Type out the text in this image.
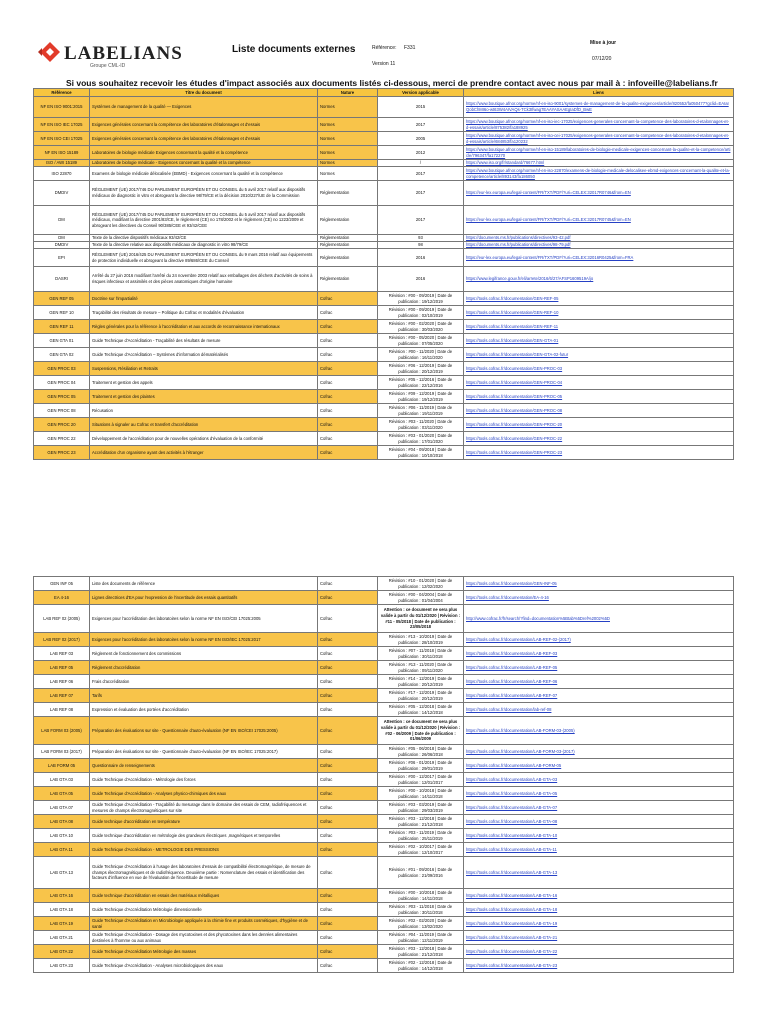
LABELIANS
Groupe CML-ID
Liste documents externes	Référence: F331
Version 11
Mise à jour
07/12/20
Si vous souhaitez recevoir les études d'impact associés aux documents listés ci-dessous, merci de prendre contact avec nous par mail à : infoveille@labelians.fr
Référence	Titre du document	Nature	Version applicable	Liens
NF EN ISO 9001:2015	Systèmes de management de la qualité — Exigences	Normes	2015	https://www.boutique.afnor.org/norme/nf-en-iso-9001/systemes-de-management-de-la-qualite-exigences/article/820552/fa050477?gclid=EAIaIQobChMI6o-wt63W4AIVAQs-TCk3Ifwag7EAAYASAAEgIaDfD_BwE
NF EN ISO IEC 17025	Exigences générales concernant la compétence des laboratoires d'étalonnages et d'essais	Normes	2017	https://www.boutique.afnor.org/norme/nf-en-iso-iec-17025/exigences-generales-concernant-la-competence-des-laboratoires-d-etalonnages-et-d-essais/article/875382/fa188925
NF EN ISO CEI 17025	Exigences générales concernant la compétence des laboratoires d'étalonnages et d'essais	Normes	2005	https://www.boutique.afnor.org/norme/nf-en-iso-cei-17025/exigences-generales-concernant-la-competence-des-laboratoires-d-etalonnages-et-d-essais/article/684853/fa120232
NF EN ISO 15189	Laboratoires de biologie médicale Exigences concernant la qualité et la compétence	Normes	2012	https://www.boutique.afnor.org/norme/nf-en-iso-15189/laboratoires-de-biologie-medicale-exigences-concernant-la-qualite-et-la-competence/article/796347/fa172270
ISO / AWI 15189	Laboratoires de biologie médicale - Exigences concernant la qualité et la compétence	Normes	/	https://www.iso.org/fr/standard/76677.html
ISO 22870	Examens de biologie médicale délocalisée (EBMD) - Exigences concernant la qualité et la compétence	Normes	2017	https://www.boutique.afnor.org/norme/nf-en-iso-22870/examens-de-biologie-medicale-delocalisee-ebmd-exigences-concernant-la-qualite-et-la-competence/article/893143/fa186050
DMDIV	RÈGLEMENT (UE) 2017/746 DU PARLEMENT EUROPÉEN ET DU CONSEIL du 5 avril 2017 relatif aux dispositifs médicaux de diagnostic in vitro et abrogeant la directive 98/79/CE et la décision 2010/227/UE de la Commission	Réglementation	2017	https://eur-lex.europa.eu/legal-content/FR/TXT/PDF/?uri=CELEX:32017R0746&from=EN
DM	RÈGLEMENT (UE) 2017/745 DU PARLEMENT EUROPÉEN ET DU CONSEIL du 5 avril 2017 relatif aux dispositifs médicaux, modifiant la directive 2001/83/CE, le règlement (CE) no 178/2002 et le règlement (CE) no 1223/2009 et abrogeant les directives du Conseil 90/385/CEE et 93/42/CEE	Réglementation	2017	https://eur-lex.europa.eu/legal-content/FR/TXT/PDF/?uri=CELEX:32017R0745&from=EN
DM	Texte de la directive dispositifs médicaux 93/42/CE	Réglementation	93	https://documents.ms.fr/publications/directives/93-42.pdf
DMDIV	Texte de la directive relative aux dispositifs médicaux de diagnostic in vitro 98/79/CE	Réglementation	98	https://documents.ms.fr/publications/directives/98-79.pdf
EPI	RÈGLEMENT (UE) 2016/425 DU PARLEMENT EUROPÉEN ET DU CONSEIL du 9 mars 2016 relatif aux équipements de protection individuelle et abrogeant la directive 89/686/CEE du Conseil	Réglementation	2016	https://eur-lex.europa.eu/legal-content/FR/TXT/PDF/?uri=CELEX:32016R0425&from=FRA
DASRI	Arrêté du 27 juin 2016 modifiant l'arrêté du 24 novembre 2003 relatif aux emballages des déchets d'activités de soins à risques infectieux et assimilés et des pièces anatomiques d'origine humaine	Réglementation	2016	https://www.legifrance.gouv.fr/eli/arrete/2016/6/27/AFSP1609519A/jo
GEN REF 05	Doctrine sur l'impartialité	Cofrac	Révision : #00 - 09/2019 | Date de publication : 19/12/2019	https://tools.cofrac.fr/documentation/GEN-REF-05
GEN REF 10	Traçabilité des résultats de mesure – Politique du Cofrac et modalités d'évaluation	Cofrac	Révision : #00 - 09/2019 | Date de publication : 02/10/2019	https://tools.cofrac.fr/documentation/GEN-REF-10
GEN REF 11	Règles générales pour la référence à l'accréditation et aux accords de reconnaissance internationaux	Cofrac	Révision : #00 - 02/2020 | Date de publication : 30/03/2020	https://tools.cofrac.fr/documentation/GEN-REF-11
GEN GTA 01	Guide Technique d'Accréditation - Traçabilité des résultats de mesure	Cofrac	Révision : #00 - 05/2020 | Date de publication : 07/05/2020	https://tools.cofrac.fr/documentation/GEN-GTA-01
GEN GTA 02	Guide Technique d'Accréditation – Systèmes d'information dématérialisés	Cofrac	Révision : #00 - 11/2020 | Date de publication : 16/11/2020	https://tools.cofrac.fr/documentation/GEN-GTA-02-futur
GEN PROC 03	Suspensions, Résiliation et Retraits	Cofrac	Révision : #06 - 12/2019 | Date de publication : 20/12/2019	https://tools.cofrac.fr/documentation/GEN-PROC-03
GEN PROC 04	Traitement et gestion des appels	Cofrac	Révision : #05 - 12/2016 | Date de publication : 22/12/2016	https://tools.cofrac.fr/documentation/GEN-PROC-04
GEN PROC 05	Traitement et gestion des plaintes	Cofrac	Révision : #09 - 12/2019 | Date de publication : 19/12/2019	https://tools.cofrac.fr/documentation/GEN-PROC-05
GEN PROC 08	Récusation	Cofrac	Révision : #06 - 11/2019 | Date de publication : 19/11/2019	https://tools.cofrac.fr/documentation/GEN-PROC-08
GEN PROC 20	Situations à signaler au Cofrac et transfert d'accréditation	Cofrac	Révision : #03 - 11/2020 | Date de publication : 03/11/2020	https://tools.cofrac.fr/documentation/GEN-PROC-20
GEN PROC 22	Développement de l'accréditation pour de nouvelles opérations d'évaluation de la conformité	Cofrac	Révision : #03 - 01/2020 | Date de publication : 17/01/2020	https://tools.cofrac.fr/documentation/GEN-PROC-22
GEN PROC 23	Accréditation d'un organisme ayant des activités à l'étranger	Cofrac	Révision : #04 - 09/2018 | Date de publication : 10/10/2018	https://tools.cofrac.fr/documentation/GEN-PROC-23
GEN INF 05	Liste des documents de référence	Cofrac	Révision : #10 - 01/2020 | Date de publication : 12/02/2020	https://tools.cofrac.fr/documentation/GEN-INF-05
EA 4-16	Lignes directrices d'EA pour l'expression de l'incertitude des essais quantitatifs	Cofrac	Révision : #00 - 04/2004 | Date de publication : 01/04/2004	https://tools.cofrac.fr/documentation/EA-4-16
LAB REF 02 (2005)	Exigences pour l'accréditation des laboratoires selon la norme NF EN ISO/CEI 17025:2005	Cofrac	Attention : ce document ne sera plus valide à partir du 01/12/2020 | Révision : #11 - 05/2018 | Date de publication : 23/05/2018	http://www.cofrac.fr/fr/search/?find=documentation%5Btab%5Dref%2002%5D
LAB REF 02 (2017)	Exigences pour l'accréditation des laboratoires selon la norme NF EN ISO/IEC 17025:2017	Cofrac	Révision : #13 - 10/2019 | Date de publication : 28/10/2019	https://tools.cofrac.fr/documentation/LAB-REF-02-(2017)
LAB REF 03	Règlement de fonctionnement des commissions	Cofrac	Révision : #07 - 11/2018 | Date de publication : 30/11/2018	https://tools.cofrac.fr/documentation/LAB-REF-03
LAB REF 05	Règlement d'accréditation	Cofrac	Révision : #13 - 11/2020 | Date de publication : 09/11/2020	https://tools.cofrac.fr/documentation/LAB-REF-05
LAB REF 06	Frais d'accréditation	Cofrac	Révision : #14 - 12/2019 | Date de publication : 20/12/2019	https://tools.cofrac.fr/documentation/LAB-REF-06
LAB REF 07	Tarifs	Cofrac	Révision : #17 - 12/2019 | Date de publication : 20/12/2019	https://tools.cofrac.fr/documentation/LAB-REF-07
LAB REF 08	Expression et évaluation des portées d'accréditation	Cofrac	Révision : #05 - 12/2018 | Date de publication : 14/12/2018	https://tools.cofrac.fr/documentation/lab-ref-08
LAB FORM 03 (2005)	Préparation des évaluations sur site - Questionnaire d'auto-évaluation (NF EN ISO/CEI 17025:2005)	Cofrac	Attention : ce document ne sera plus valide à partir du 01/12/2020 | Révision : #02 - 06/2009 | Date de publication : 01/06/2009	https://tools.cofrac.fr/documentation/LAB-FORM-03-(2005)
LAB FORM 03 (2017)	Préparation des évaluations sur site - Questionnaire d'auto-évaluation (NF EN ISO/IEC 17025:2017)	Cofrac	Révision : #05 - 06/2018 | Date de publication : 26/06/2018	https://tools.cofrac.fr/documentation/LAB-FORM-03-(2017)
LAB FORM 05	Questionnaire de renseignements	Cofrac	Révision : #06 - 01/2019 | Date de publication : 29/01/2019	https://tools.cofrac.fr/documentation/LAB-FORM-05
LAB GTA 03	Guide Technique d'Accréditation - Métrologie des forces	Cofrac	Révision : #00 - 12/2017 | Date de publication : 12/01/2017	https://tools.cofrac.fr/documentation/LAB-GTA-03
LAB GTA 05	Guide Technique d'Accréditation - Analyses physico-chimiques des eaux	Cofrac	Révision : #00 - 10/2018 | Date de publication : 14/11/2018	https://tools.cofrac.fr/documentation/LAB-GTA-05
LAB GTA 07	Guide Technique d'Accréditation - Traçabilité du mesurage dans le domaine des essais de CEM, radiofréquences et mesures de champs électromagnétiques sur site	Cofrac	Révision : #03 - 03/2019 | Date de publication : 29/03/2019	https://tools.cofrac.fr/documentation/LAB-GTA-07
LAB GTA 08	Guide technique d'accréditation en température	Cofrac	Révision : #03 - 12/2018 | Date de publication : 21/12/2018	https://tools.cofrac.fr/documentation/LAB-GTA-08
LAB GTA 10	Guide technique d'accréditation en métrologie des grandeurs électriques ,magnétiques et temporelles	Cofrac	Révision : #03 - 11/2019 | Date de publication : 25/11/2019	https://tools.cofrac.fr/documentation/LAB-GTA-10
LAB GTA 11	Guide Technique d'Accréditation - METROLOGIE DES PRESSIONS	Cofrac	Révision : #02 - 10/2017 | Date de publication : 12/10/2017	https://tools.cofrac.fr/documentation/LAB-GTA-11
LAB GTA 13	Guide Technique d'Accréditation à l'usage des laboratoires d'essais de compatibilité électromagnétique, de mesure de champs électromagnétiques et de radiofréquence. Deuxième partie : Nomenclature des essais et identification des facteurs d'influence en vue de l'évaluation de l'incertitude de mesure	Cofrac	Révision : #01 - 09/2016 | Date de publication : 21/09/2016	https://tools.cofrac.fr/documentation/LAB-GTA-13
LAB GTA 16	Guide technique d'accréditation en essais des matériaux métalliques	Cofrac	Révision : #00 - 10/2018 | Date de publication : 14/11/2018	https://tools.cofrac.fr/documentation/LAB-GTA-16
LAB GTA 18	Guide Technique d'Accréditation Métrologie dimensionnelle	Cofrac	Révision : #03 - 11/2018 | Date de publication : 30/11/2018	https://tools.cofrac.fr/documentation/LAB-GTA-18
LAB GTA 19	Guide Technique d'Accréditation en Microbiologie appliquée à la chimie fine et produits cosmétiques, d'hygiène et de santé	Cofrac	Révision : #02 - 02/2020 | Date de publication : 13/02/2020	https://tools.cofrac.fr/documentation/LAB-GTA-19
LAB GTA 21	Guide Technique d'Accréditation - Dosage des mycotoxines et des phycotoxines dans les denrées alimentaires destinées à l'homme ou aux animaux	Cofrac	Révision : #04 - 11/2019 | Date de publication : 12/11/2019	https://tools.cofrac.fr/documentation/LAB-GTA-21
LAB GTA 22	Guide Technique d'Accréditation Métrologie des masses	Cofrac	Révision : #03 - 12/2018 | Date de publication : 21/12/2018	https://tools.cofrac.fr/documentation/LAB-GTA-22
LAB GTA 23	Guide Technique d'Accréditation - Analyses microbiologiques des eaux	Cofrac	Révision : #02 - 12/2018 | Date de publication : 14/12/2018	https://tools.cofrac.fr/documentation/LAB-GTA-23
